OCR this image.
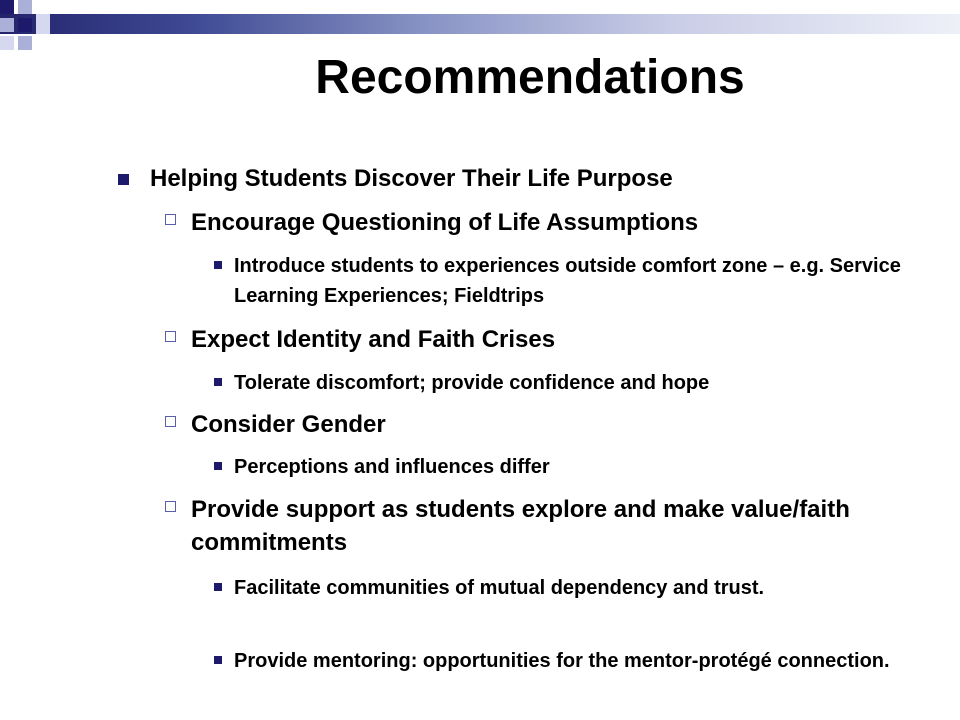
Recommendations
Helping Students Discover Their Life Purpose
Encourage Questioning of Life Assumptions
Introduce students to experiences outside comfort zone – e.g. Service Learning Experiences; Fieldtrips
Expect Identity and Faith Crises
Tolerate discomfort; provide confidence and hope
Consider Gender
Perceptions and influences differ
Provide support as students explore and make value/faith commitments
Facilitate communities of mutual dependency and trust.
Provide mentoring: opportunities for the mentor-protégé connection.
